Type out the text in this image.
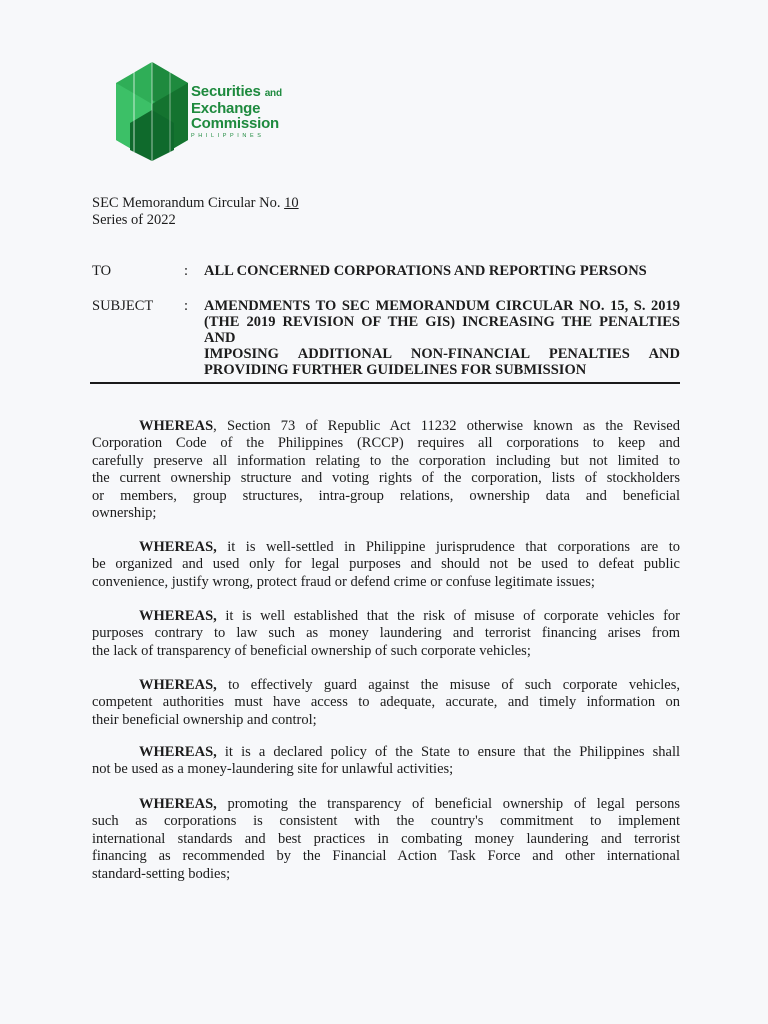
Securities and
Exchange
Commission
PHILIPPINES
SEC Memorandum Circular No. 10
Series of 2022
TO	:	ALL CONCERNED CORPORATIONS AND REPORTING PERSONS
SUBJECT	:	AMENDMENTS TO SEC MEMORANDUM CIRCULAR NO. 15, S. 2019
(THE 2019 REVISION OF THE GIS) INCREASING THE PENALTIES AND
IMPOSING ADDITIONAL NON-FINANCIAL PENALTIES AND
PROVIDING FURTHER GUIDELINES FOR SUBMISSION
WHEREAS, Section 73 of Republic Act 11232 otherwise known as the Revised
Corporation Code of the Philippines (RCCP) requires all corporations to keep and
carefully preserve all information relating to the corporation including but not limited to
the current ownership structure and voting rights of the corporation, lists of stockholders
or members, group structures, intra-group relations, ownership data and beneficial
ownership;
WHEREAS, it is well-settled in Philippine jurisprudence that corporations are to
be organized and used only for legal purposes and should not be used to defeat public
convenience, justify wrong, protect fraud or defend crime or confuse legitimate issues;
WHEREAS, it is well established that the risk of misuse of corporate vehicles for
purposes contrary to law such as money laundering and terrorist financing arises from
the lack of transparency of beneficial ownership of such corporate vehicles;
WHEREAS, to effectively guard against the misuse of such corporate vehicles,
competent authorities must have access to adequate, accurate, and timely information on
their beneficial ownership and control;
WHEREAS, it is a declared policy of the State to ensure that the Philippines shall
not be used as a money-laundering site for unlawful activities;
WHEREAS, promoting the transparency of beneficial ownership of legal persons
such as corporations is consistent with the country's commitment to implement
international standards and best practices in combating money laundering and terrorist
financing as recommended by the Financial Action Task Force and other international
standard-setting bodies;
